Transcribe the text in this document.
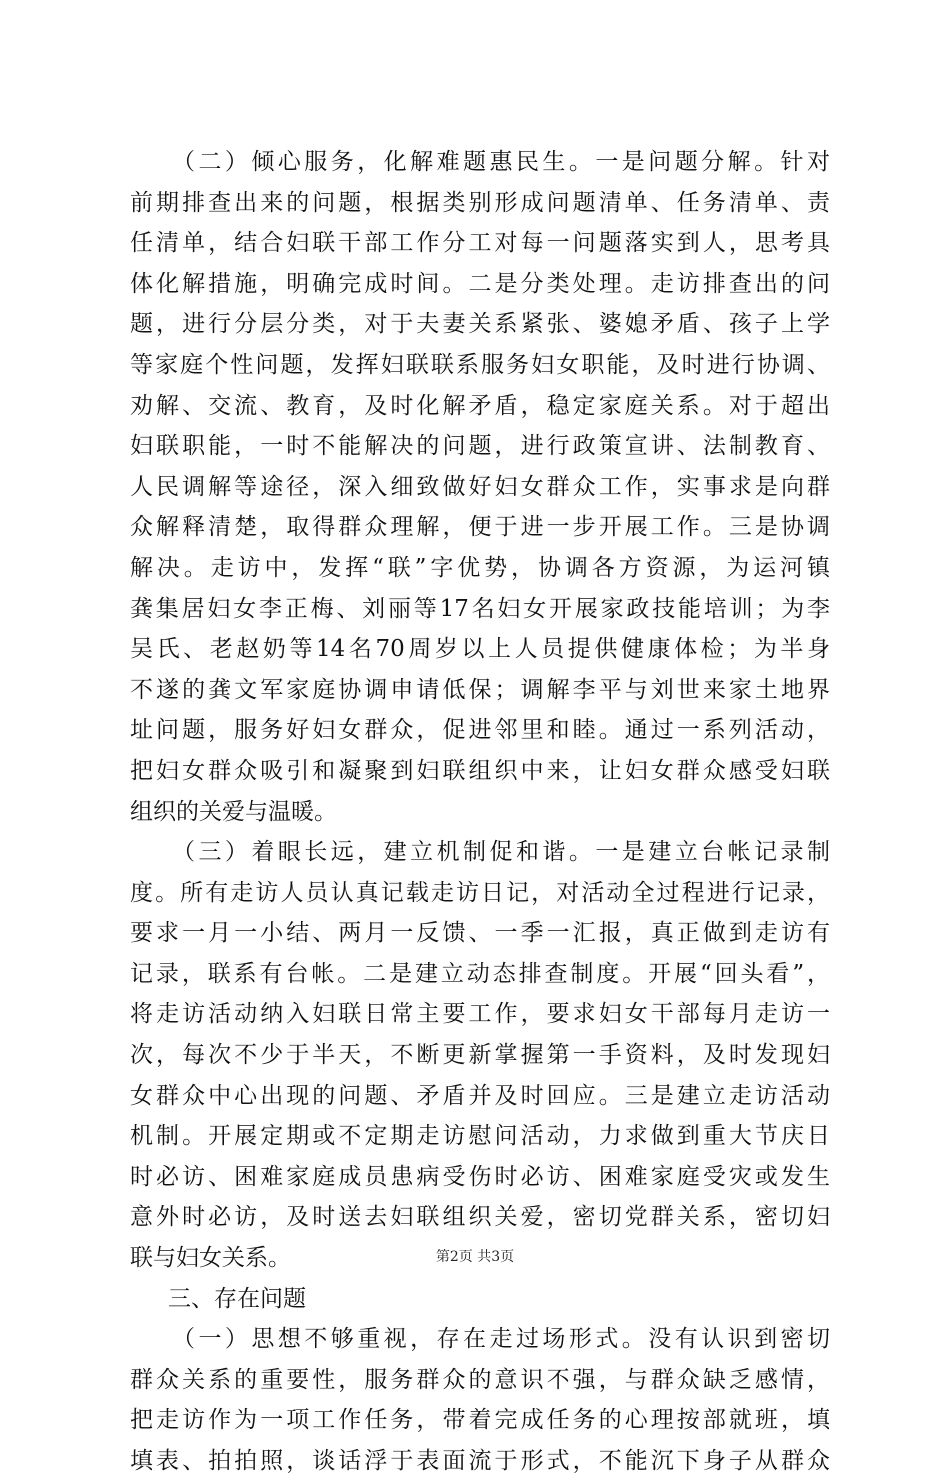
（二）倾心服务，化解难题惠民生。一是问题分解。针对
前期排查出来的问题，根据类别形成问题清单、任务清单、责
任清单，结合妇联干部工作分工对每一问题落实到人，思考具
体化解措施，明确完成时间。二是分类处理。走访排查出的问
题，进行分层分类，对于夫妻关系紧张、婆媳矛盾、孩子上学
等家庭个性问题，发挥妇联联系服务妇女职能，及时进行协调、
劝解、交流、教育，及时化解矛盾，稳定家庭关系。对于超出
妇联职能，一时不能解决的问题，进行政策宣讲、法制教育、
人民调解等途径，深入细致做好妇女群众工作，实事求是向群
众解释清楚，取得群众理解，便于进一步开展工作。三是协调
解决。走访中，发挥“联”字优势，协调各方资源，为运河镇
龚集居妇女李正梅、刘丽等17名妇女开展家政技能培训；为李
吴氏、老赵奶等14名70周岁以上人员提供健康体检；为半身
不遂的龚文军家庭协调申请低保；调解李平与刘世来家土地界
址问题，服务好妇女群众，促进邻里和睦。通过一系列活动，
把妇女群众吸引和凝聚到妇联组织中来，让妇女群众感受妇联
组织的关爱与温暖。
（三）着眼长远，建立机制促和谐。一是建立台帐记录制
度。所有走访人员认真记载走访日记，对活动全过程进行记录，
要求一月一小结、两月一反馈、一季一汇报，真正做到走访有
记录，联系有台帐。二是建立动态排查制度。开展“回头看”，
将走访活动纳入妇联日常主要工作，要求妇女干部每月走访一
次，每次不少于半天，不断更新掌握第一手资料，及时发现妇
女群众中心出现的问题、矛盾并及时回应。三是建立走访活动
机制。开展定期或不定期走访慰问活动，力求做到重大节庆日
时必访、困难家庭成员患病受伤时必访、困难家庭受灾或发生
意外时必访，及时送去妇联组织关爱，密切党群关系，密切妇
联与妇女关系。
三、存在问题
（一）思想不够重视，存在走过场形式。没有认识到密切
群众关系的重要性，服务群众的意识不强，与群众缺乏感情，
把走访作为一项工作任务，带着完成任务的心理按部就班，填
填表、拍拍照，谈话浮于表面流于形式，不能沉下身子从群众
第2页 共3页
